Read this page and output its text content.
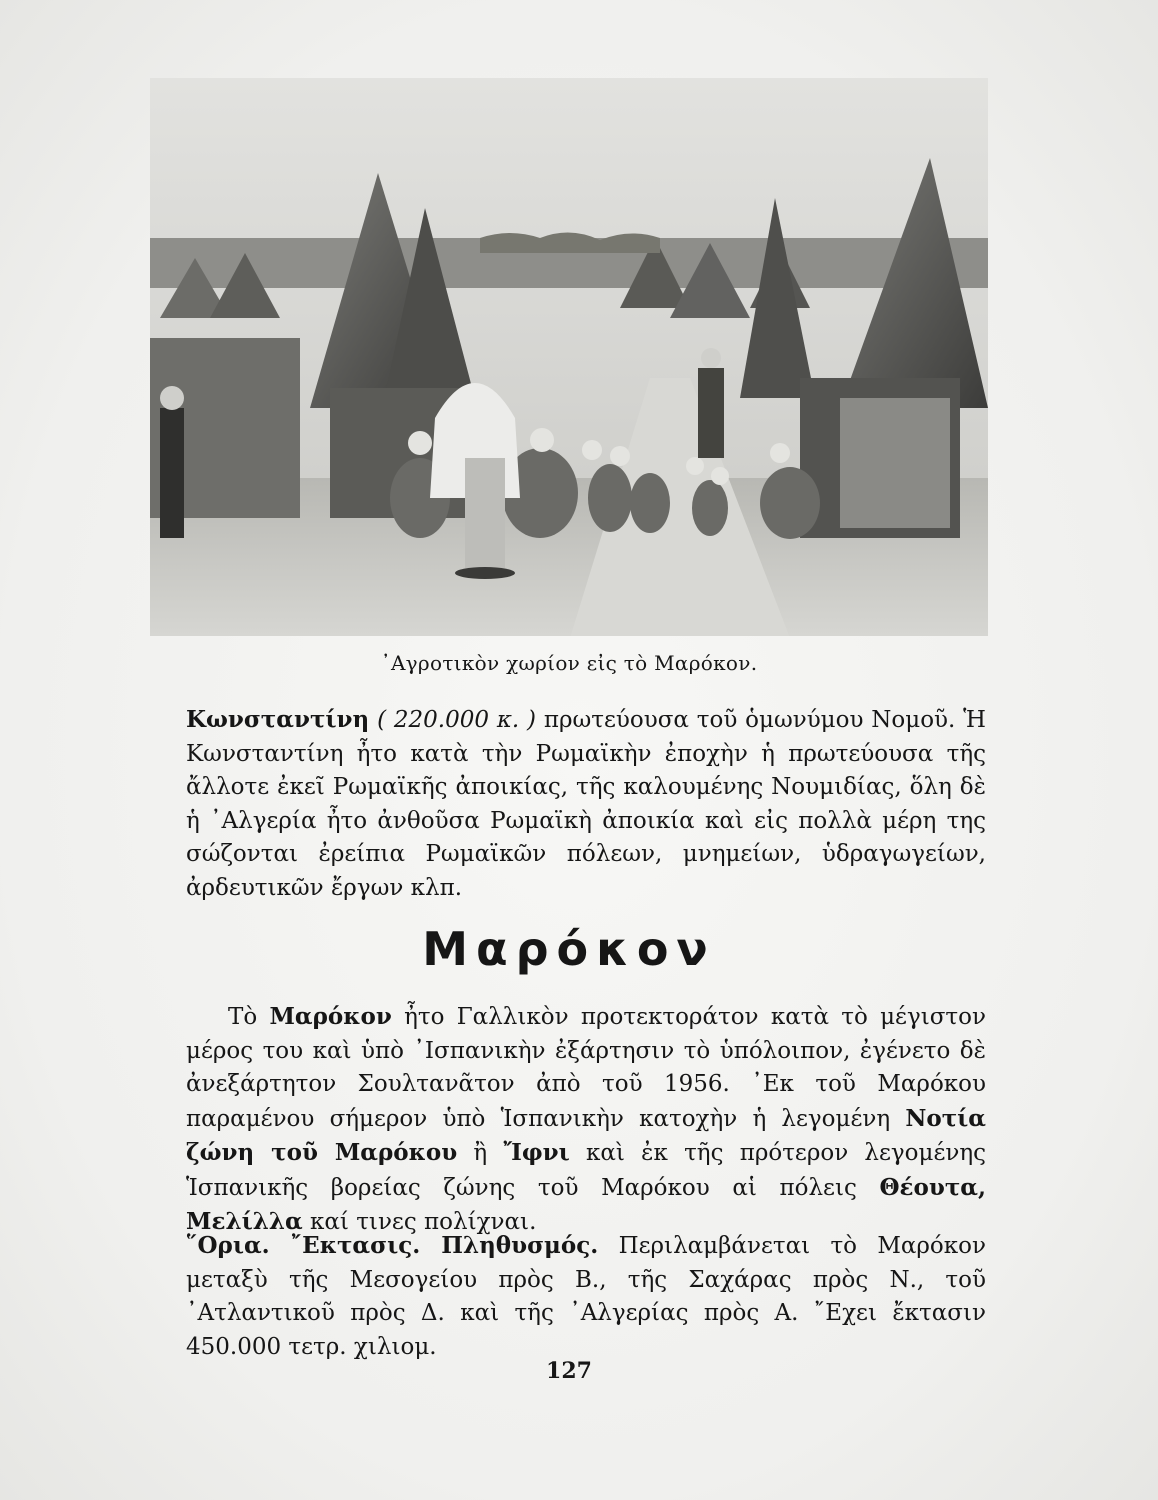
᾿Αγροτικὸν χωρίον εἰς τὸ Μαρόκον.
Κωνσταντίνη ( 220.000 κ. ) πρωτεύουσα τοῦ ὁμωνύμου Νομοῦ. Ἡ Κωνσταντίνη ἦτο κατὰ τὴν Ρωμαϊκὴν ἐποχὴν ἡ πρωτεύουσα τῆς ἄλλοτε ἐκεῖ Ρωμαϊκῆς ἀποικίας, τῆς καλουμένης Νουμιδίας, ὅλη δὲ ἡ ᾿Αλγερία ἦτο ἀνθοῦσα Ρωμαϊκὴ ἀποικία καὶ εἰς πολλὰ μέρη της σώζονται ἐρείπια Ρωμαϊκῶν πόλεων, μνημείων, ὑδραγωγείων, ἀρδευτικῶν ἔργων κλπ.
Μαρόκον
Τὸ Μαρόκον ἦτο Γαλλικὸν προτεκτοράτον κατὰ τὸ μέγιστον μέρος του καὶ ὑπὸ ᾿Ισπανικὴν ἐξάρτησιν τὸ ὑπόλοιπον, ἐγένετο δὲ ἀνεξάρτητον Σουλτανᾶτον ἀπὸ τοῦ 1956. ᾿Εκ τοῦ Μαρόκου παραμένου σήμερον ὑπὸ Ἱσπανικὴν κατοχὴν ἡ λεγομένη Νοτία ζώνη τοῦ Μαρόκου ἢ Ἴφνι καὶ ἐκ τῆς πρότερον λεγομένης Ἱσπανικῆς βορείας ζώνης τοῦ Μαρόκου αἱ πόλεις Θέουτα, Μελίλλα καί τινες πολίχναι.
῞Ορια. ῎Εκτασις. Πληθυσμός. Περιλαμβάνεται τὸ Μαρόκον μεταξὺ τῆς Μεσογείου πρὸς Β., τῆς Σαχάρας πρὸς Ν., τοῦ ᾿Ατλαντικοῦ πρὸς Δ. καὶ τῆς ᾿Αλγερίας πρὸς Α. ῎Εχει ἔκτασιν 450.000 τετρ. χιλιομ.
127
